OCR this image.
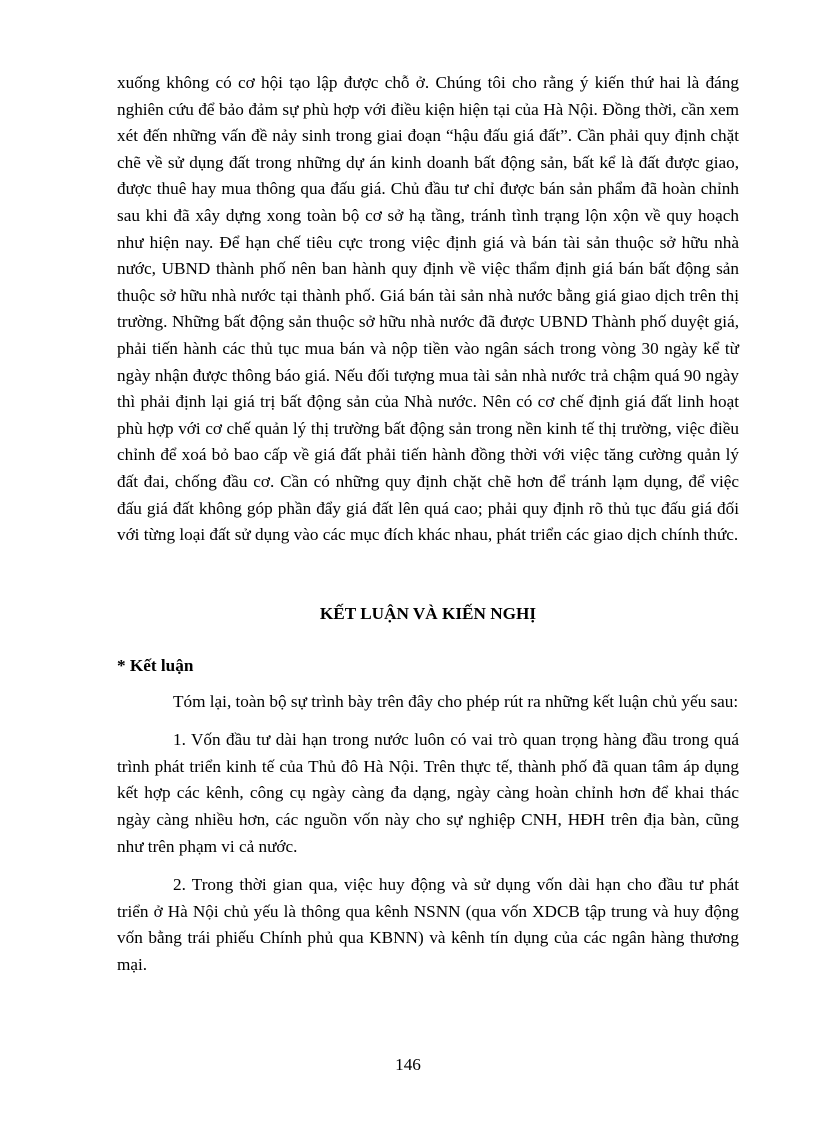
xuống không có cơ hội tạo lập được chỗ ở. Chúng tôi cho rằng ý kiến thứ hai là đáng nghiên cứu để bảo đảm sự phù hợp với điều kiện hiện tại của Hà Nội. Đồng thời, cần xem xét đến những vấn đề nảy sinh trong giai đoạn “hậu đấu giá đất”. Cần phải quy định chặt chẽ về sử dụng đất trong những dự án kinh doanh bất động sản, bất kể là đất được giao, được thuê hay mua thông qua đấu giá. Chủ đầu tư chỉ được bán sản phẩm đã hoàn chỉnh sau khi đã xây dựng xong toàn bộ cơ sở hạ tầng, tránh tình trạng lộn xộn về quy hoạch như hiện nay. Để hạn chế tiêu cực trong việc định giá và bán tài sản thuộc sở hữu nhà nước, UBND thành phố nên ban hành quy định về việc thẩm định giá bán bất động sản thuộc sở hữu nhà nước tại thành phố. Giá bán tài sản nhà nước bằng giá giao dịch trên thị trường. Những bất động sản thuộc sở hữu nhà nước đã được UBND Thành phố duyệt giá, phải tiến hành các thủ tục mua bán và nộp tiền vào ngân sách trong vòng 30 ngày kể từ ngày nhận được thông báo giá. Nếu đối tượng mua tài sản nhà nước trả chậm quá 90 ngày thì phải định lại giá trị bất động sản của Nhà nước. Nên có cơ chế định giá đất linh hoạt phù hợp với cơ chế quản lý thị trường bất động sản trong nền kinh tế thị trường, việc điều chỉnh để xoá bỏ bao cấp về giá đất phải tiến hành đồng thời với việc tăng cường quản lý đất đai, chống đầu cơ. Cần có những quy định chặt chẽ hơn để tránh lạm dụng, để việc đấu giá đất không góp phần đẩy giá đất lên quá cao; phải quy định rõ thủ tục đấu giá đối với từng loại đất sử dụng vào các mục đích khác nhau, phát triển các giao dịch chính thức.

KẾT LUẬN VÀ KIẾN NGHỊ
* Kết luận

Tóm lại, toàn bộ sự trình bày trên đây cho phép rút ra những kết luận chủ yếu sau:

1. Vốn đầu tư dài hạn trong nước luôn có vai trò quan trọng hàng đầu trong quá trình phát triển kinh tế của Thủ đô Hà Nội. Trên thực tế, thành phố đã quan tâm áp dụng kết hợp các kênh, công cụ ngày càng đa dạng, ngày càng hoàn chỉnh hơn để khai thác ngày càng nhiều hơn, các nguồn vốn này cho sự nghiệp CNH, HĐH trên địa bàn, cũng như trên phạm vi cả nước.

2. Trong thời gian qua, việc huy động và sử dụng vốn dài hạn cho đầu tư phát triển ở Hà Nội chủ yếu là thông qua kênh NSNN (qua vốn XDCB tập trung và huy động vốn bằng trái phiếu Chính phủ qua KBNN) và kênh tín dụng của các ngân hàng thương mại.

146
